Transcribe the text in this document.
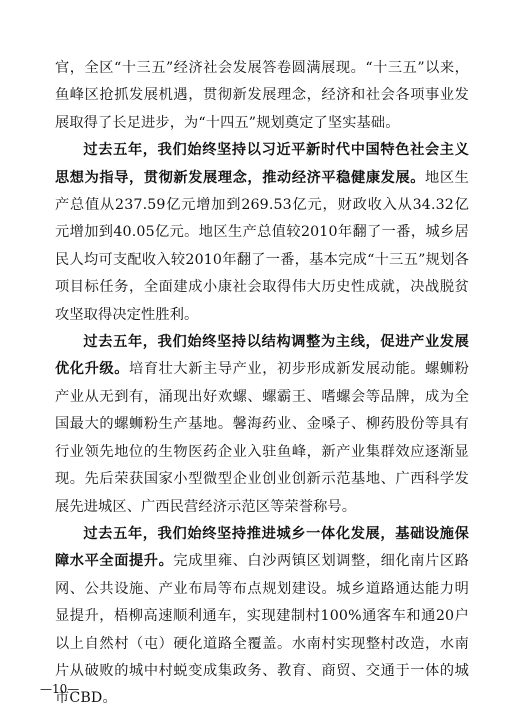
官，全区“十三五”经济社会发展答卷圆满展现。“十三五”以来，鱼峰区抢抓发展机遇，贯彻新发展理念，经济和社会各项事业发展取得了长足进步，为“十四五”规划奠定了坚实基础。

过去五年，我们始终坚持以习近平新时代中国特色社会主义思想为指导，贯彻新发展理念，推动经济平稳健康发展。地区生产总值从237.59亿元增加到269.53亿元，财政收入从34.32亿元增加到40.05亿元。地区生产总值较2010年翻了一番，城乡居民人均可支配收入较2010年翻了一番，基本完成“十三五”规划各项目标任务，全面建成小康社会取得伟大历史性成就，决战脱贫攻坚取得决定性胜利。

过去五年，我们始终坚持以结构调整为主线，促进产业发展优化升级。培育壮大新主导产业，初步形成新发展动能。螺蛳粉产业从无到有，涌现出好欢螺、螺霸王、嗜螺会等品牌，成为全国最大的螺蛳粉生产基地。馨海药业、金嗓子、柳药股份等具有行业领先地位的生物医药企业入驻鱼峰，新产业集群效应逐渐显现。先后荣获国家小型微型企业创业创新示范基地、广西科学发展先进城区、广西民营经济示范区等荣誉称号。

过去五年，我们始终坚持推进城乡一体化发展，基础设施保障水平全面提升。完成里雍、白沙两镇区划调整，细化南片区路网、公共设施、产业布局等布点规划建设。城乡道路通达能力明显提升，梧柳高速顺利通车，实现建制村100%通客车和通20户以上自然村（屯）硬化道路全覆盖。水南村实现整村改造，水南片从破败的城中村蜕变成集政务、教育、商贸、交通于一体的城市CBD。

—10—
